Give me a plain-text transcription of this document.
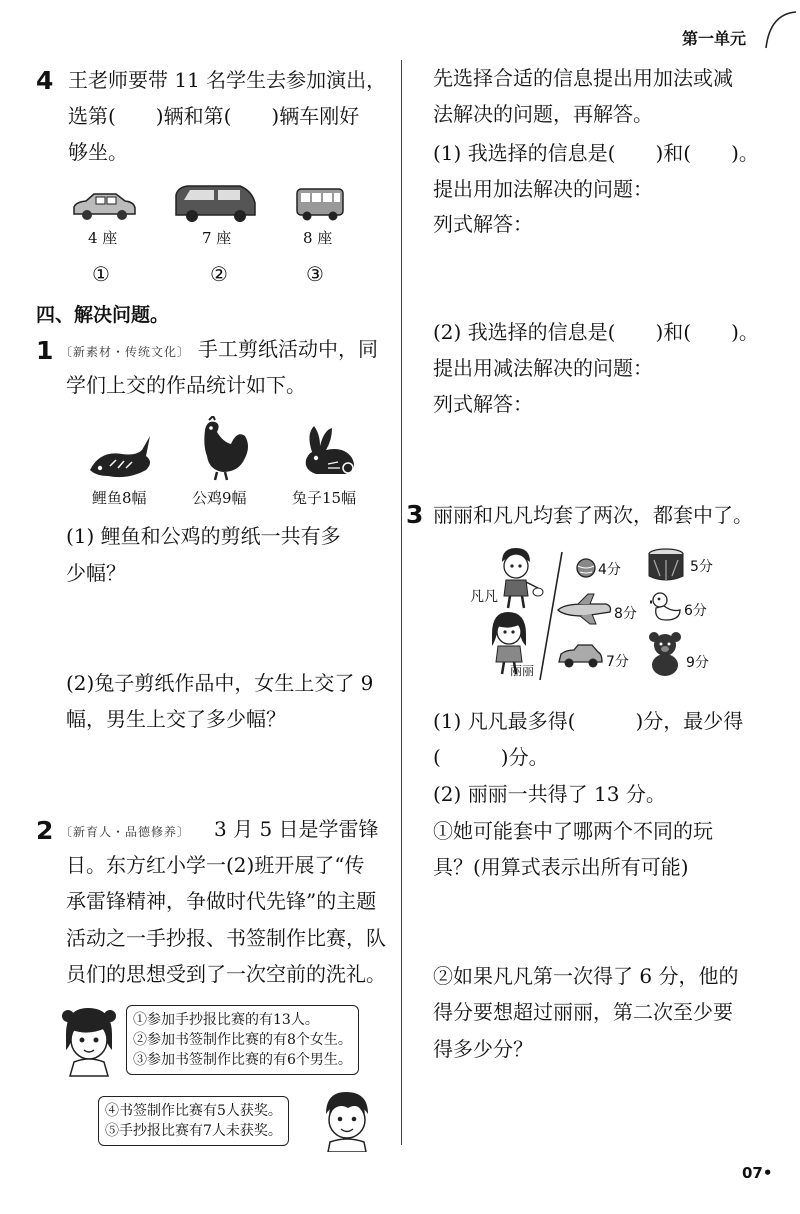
第一单元
4 王老师要带 11 名学生去参加演出，
选第(　　)辆和第(　　)辆车刚好
够坐。
4 座	7 座	8 座
①	②	③
四、解决问题。
1 〔新素材・传统文化〕 手工剪纸活动中，同
学们上交的作品统计如下。
鲤鱼8幅	公鸡9幅	兔子15幅
(1) 鲤鱼和公鸡的剪纸一共有多
少幅？
(2)兔子剪纸作品中，女生上交了 9
幅，男生上交了多少幅？
2 〔新育人・品德修养〕 3 月 5 日是学雷锋
日。东方红小学一(2)班开展了“传
承雷锋精神，争做时代先锋”的主题
活动之一手抄报、书签制作比赛，队
员们的思想受到了一次空前的洗礼。
①参加手抄报比赛的有13人。
②参加书签制作比赛的有8个女生。
③参加书签制作比赛的有6个男生。
④书签制作比赛有5人获奖。
⑤手抄报比赛有7人未获奖。
先选择合适的信息提出用加法或减
法解决的问题，再解答。
(1) 我选择的信息是(　　)和(　　)。
提出用加法解决的问题：
列式解答：
(2) 我选择的信息是(　　)和(　　)。
提出用减法解决的问题：
列式解答：
3 丽丽和凡凡均套了两次，都套中了。
凡凡
丽丽
4分	5分
8分	6分
7分	9分
(1) 凡凡最多得(　　　)分，最少得
(　　　)分。
(2) 丽丽一共得了 13 分。
①她可能套中了哪两个不同的玩
具？(用算式表示出所有可能)
②如果凡凡第一次得了 6 分，他的
得分要想超过丽丽，第二次至少要
得多少分？
07•
